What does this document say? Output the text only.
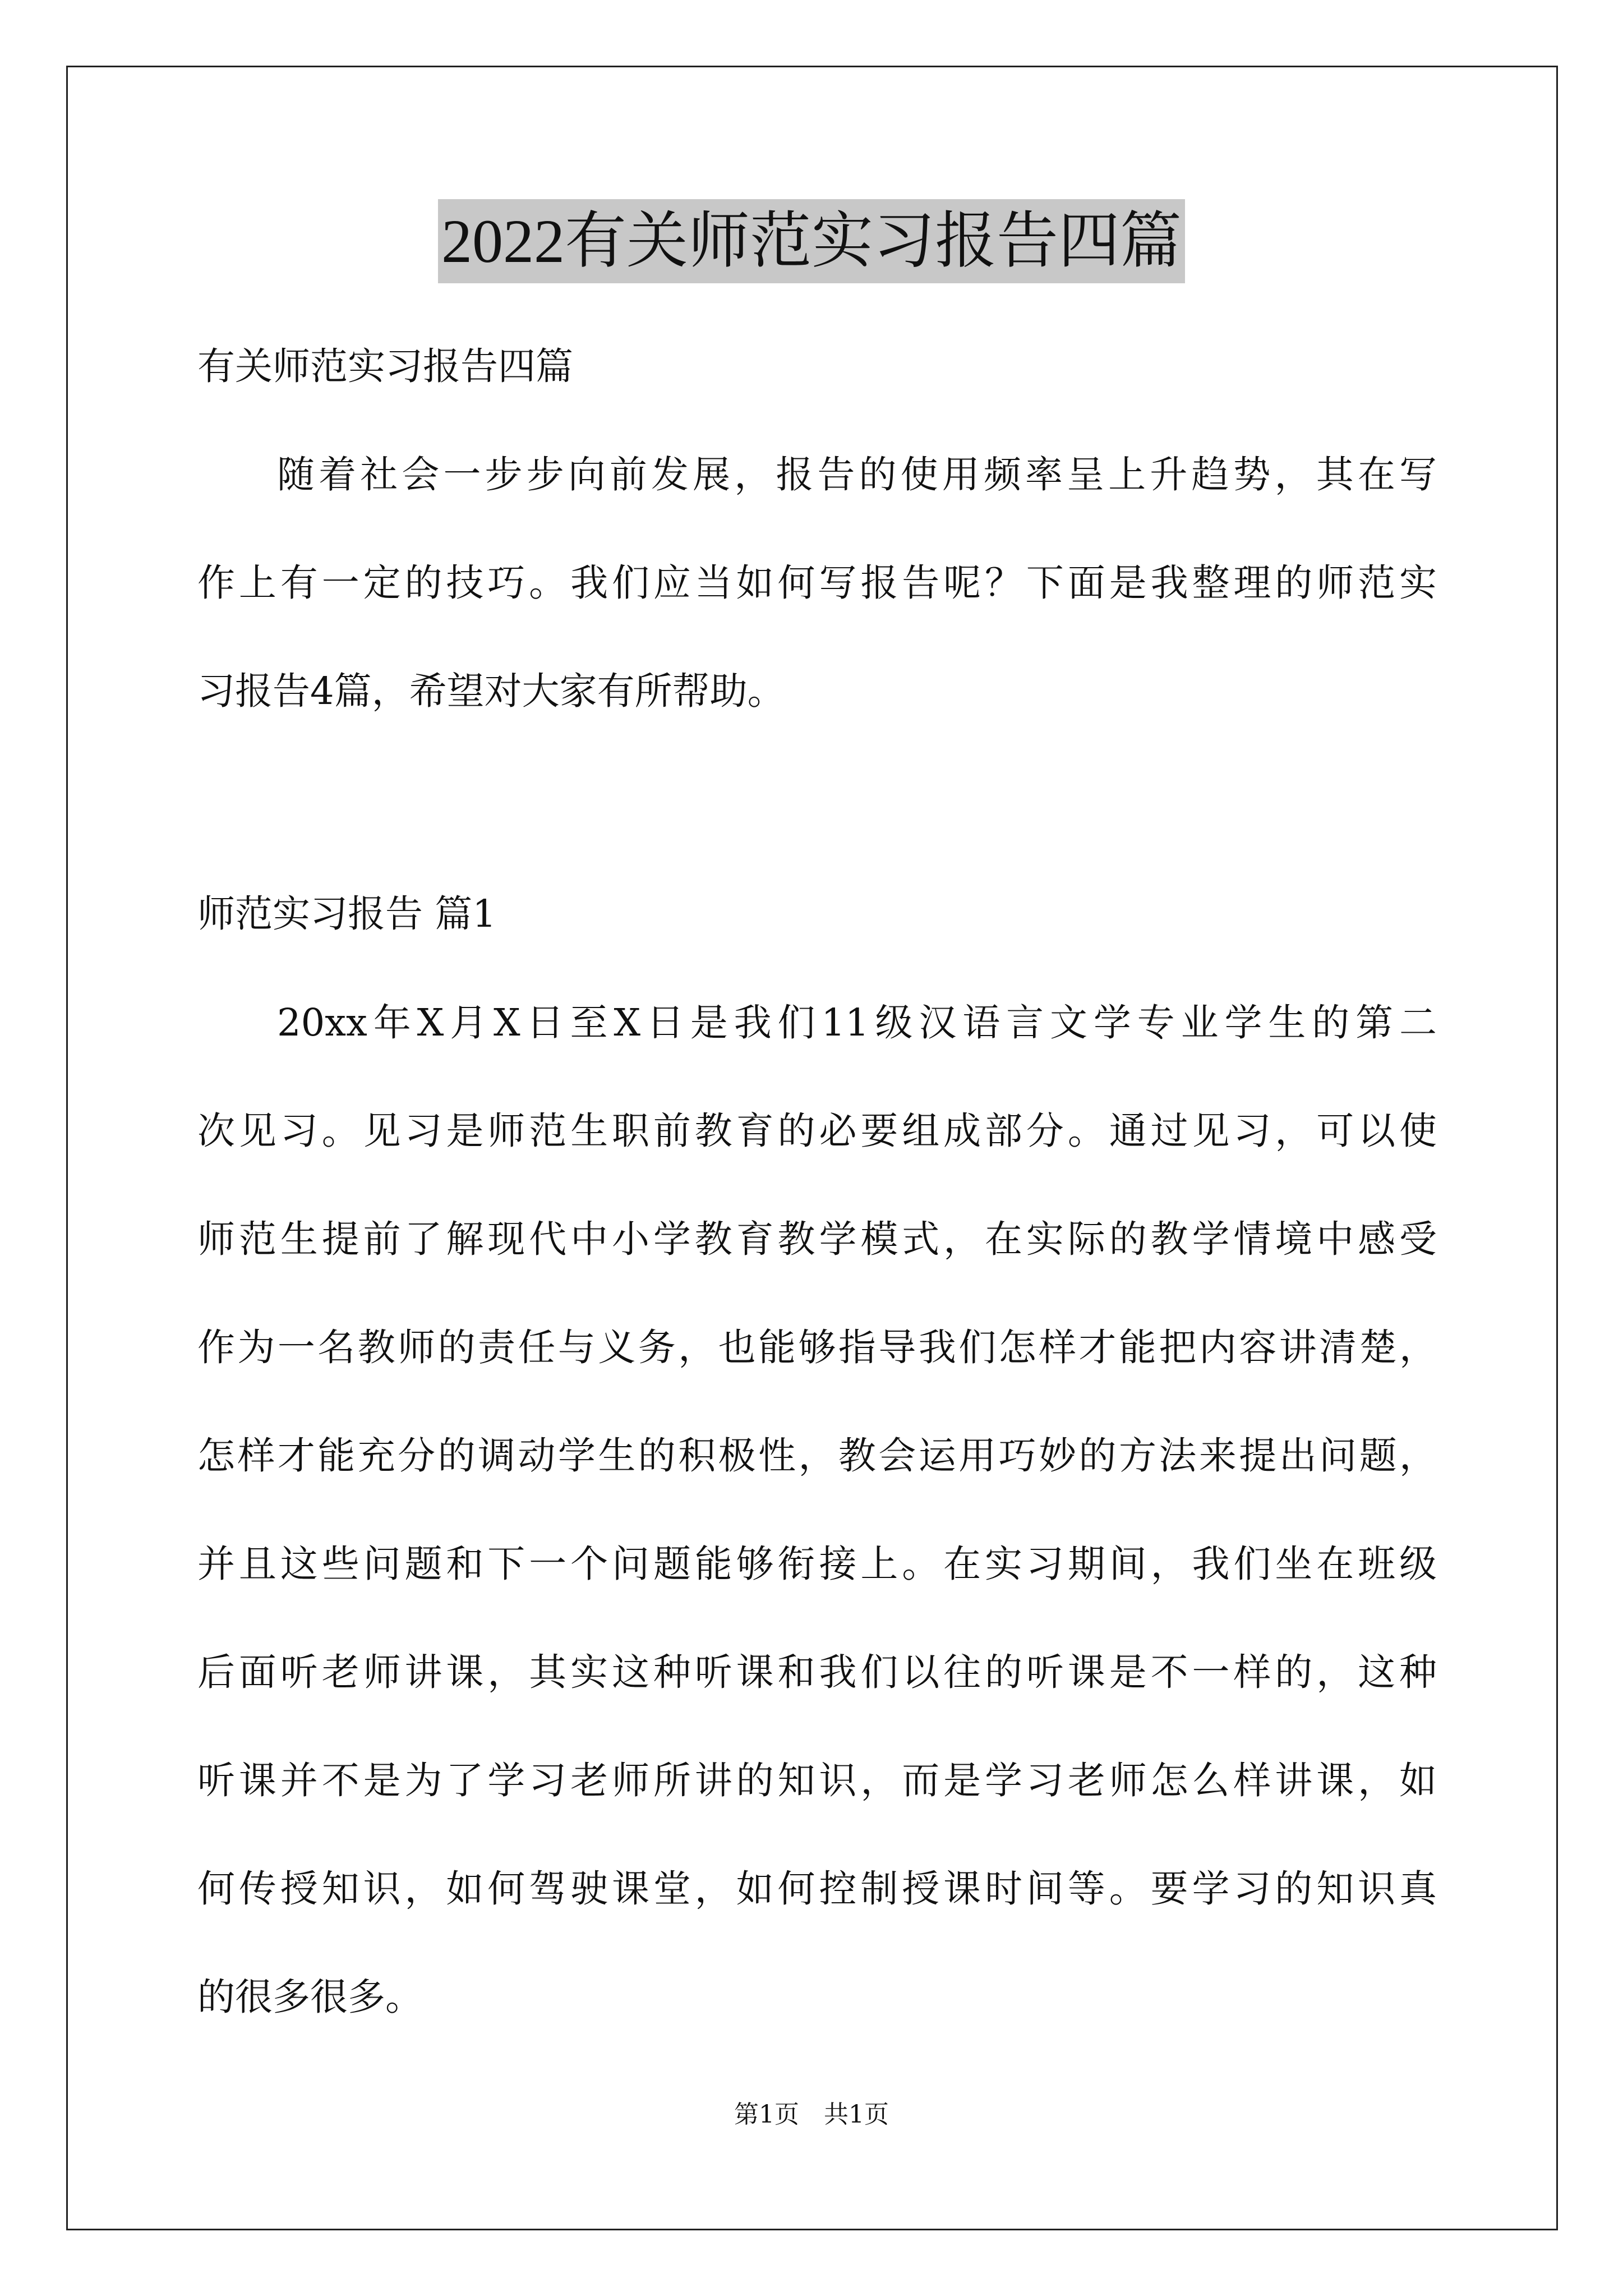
2022有关师范实习报告四篇
有关师范实习报告四篇
随着社会一步步向前发展，报告的使用频率呈上升趋势，其在写
作上有一定的技巧。我们应当如何写报告呢？下面是我整理的师范实
习报告4篇，希望对大家有所帮助。
师范实习报告 篇1
20xx年X月X日至X日是我们11级汉语言文学专业学生的第二
次见习。见习是师范生职前教育的必要组成部分。通过见习，可以使
师范生提前了解现代中小学教育教学模式，在实际的教学情境中感受
作为一名教师的责任与义务，也能够指导我们怎样才能把内容讲清楚，
怎样才能充分的调动学生的积极性，教会运用巧妙的方法来提出问题，
并且这些问题和下一个问题能够衔接上。在实习期间，我们坐在班级
后面听老师讲课，其实这种听课和我们以往的听课是不一样的，这种
听课并不是为了学习老师所讲的知识，而是学习老师怎么样讲课，如
何传授知识，如何驾驶课堂，如何控制授课时间等。要学习的知识真
的很多很多。
第1页　共1页
